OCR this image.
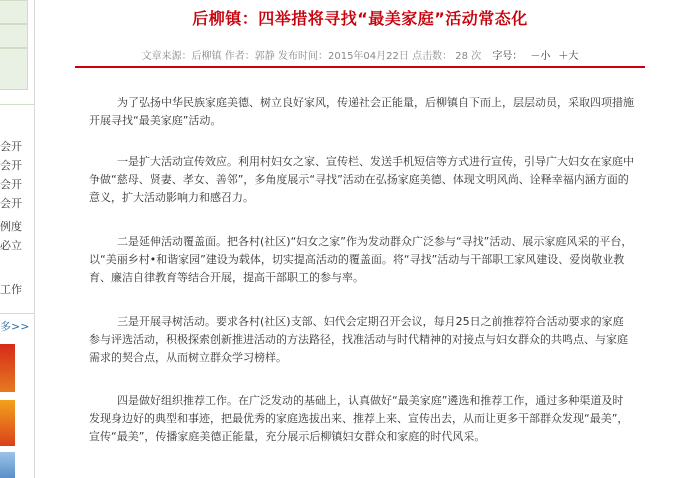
会开
会开
会开
会开
例度
必立
工作
多>>
后柳镇：四举措将寻找“最美家庭”活动常态化
文章来源：后柳镇 作者：郭静 发布时间：2015年04月22日 点击数： 28 次 字号： －小 ＋大

为了弘扬中华民族家庭美德、树立良好家风，传递社会正能量，后柳镇自下而上，层层动员，采取四项措施开展寻找“最美家庭”活动。

一是扩大活动宣传效应。利用村妇女之家、宣传栏、发送手机短信等方式进行宣传，引导广大妇女在家庭中争做“慈母、贤妻、孝女、善邻”，多角度展示“寻找”活动在弘扬家庭美德、体现文明风尚、诠释幸福内涵方面的意义，扩大活动影响力和感召力。

二是延伸活动覆盖面。把各村(社区)“妇女之家”作为发动群众广泛参与“寻找”活动、展示家庭风采的平台，以“美丽乡村•和谐家园”建设为载体，切实提高活动的覆盖面。将“寻找”活动与干部职工家风建设、爱岗敬业教育、廉洁自律教育等结合开展，提高干部职工的参与率。

三是开展寻树活动。要求各村(社区)支部、妇代会定期召开会议，每月25日之前推荐符合活动要求的家庭参与评选活动，积极探索创新推进活动的方法路径，找准活动与时代精神的对接点与妇女群众的共鸣点、与家庭需求的契合点，从而树立群众学习榜样。

四是做好组织推荐工作。在广泛发动的基础上，认真做好“最美家庭”遴选和推荐工作，通过多种渠道及时发现身边好的典型和事迹，把最优秀的家庭选拔出来、推荐上来、宣传出去，从而让更多干部群众发现“最美”，宣传“最美”，传播家庭美德正能量，充分展示后柳镇妇女群众和家庭的时代风采。
